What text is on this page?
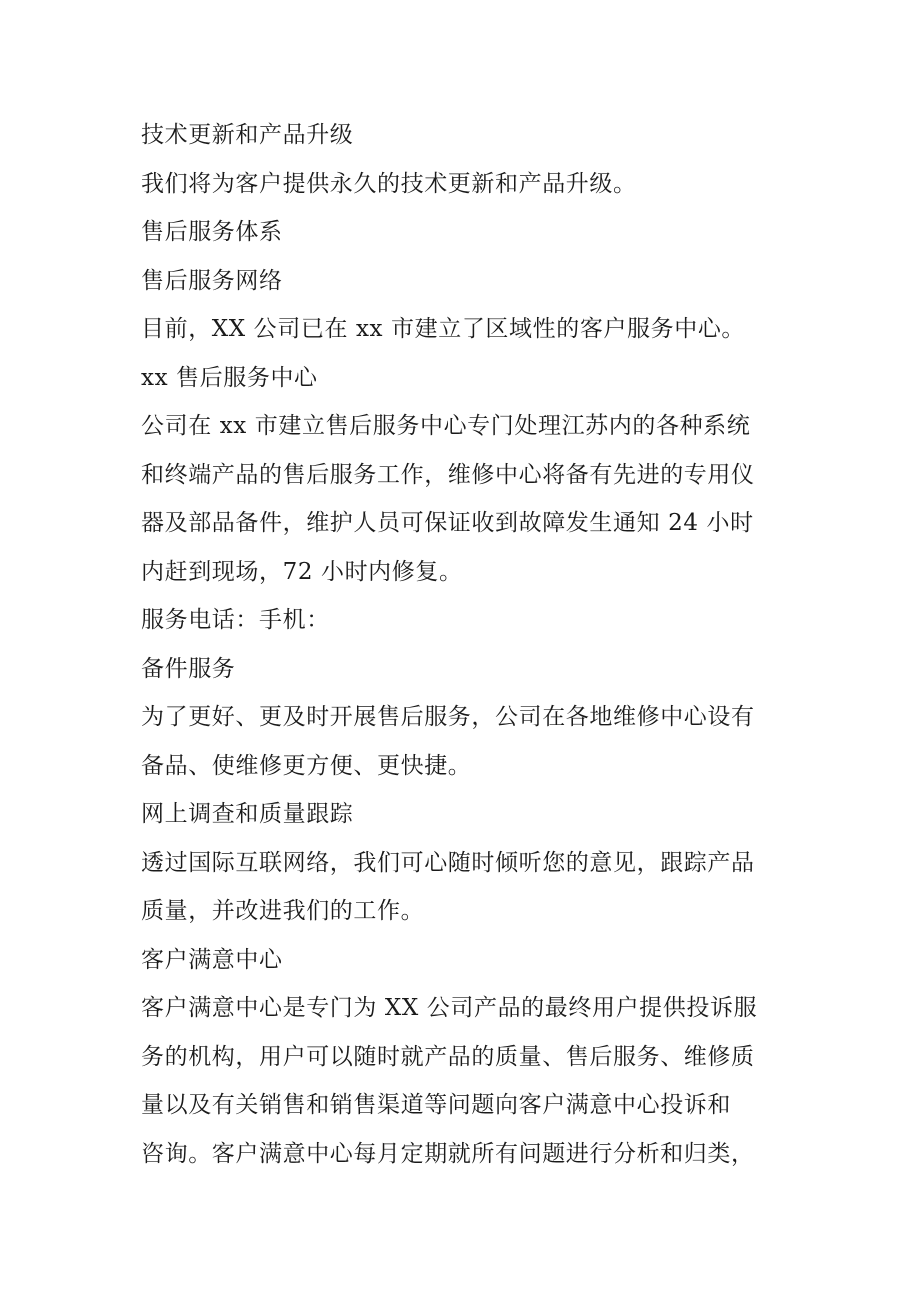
技术更新和产品升级

我们将为客户提供永久的技术更新和产品升级。

售后服务体系

售后服务网络

目前，XX 公司已在 xx 市建立了区域性的客户服务中心。

xx 售后服务中心

公司在 xx 市建立售后服务中心专门处理江苏内的各种系统

和终端产品的售后服务工作，维修中心将备有先进的专用仪

器及部品备件，维护人员可保证收到故障发生通知 24 小时

内赶到现场，72 小时内修复。

服务电话：手机：

备件服务

为了更好、更及时开展售后服务，公司在各地维修中心设有

备品、使维修更方便、更快捷。

网上调查和质量跟踪

透过国际互联网络，我们可心随时倾听您的意见，跟踪产品

质量，并改进我们的工作。

客户满意中心

客户满意中心是专门为 XX 公司产品的最终用户提供投诉服

务的机构，用户可以随时就产品的质量、售后服务、维修质

量以及有关销售和销售渠道等问题向客户满意中心投诉和

咨询。客户满意中心每月定期就所有问题进行分析和归类，
